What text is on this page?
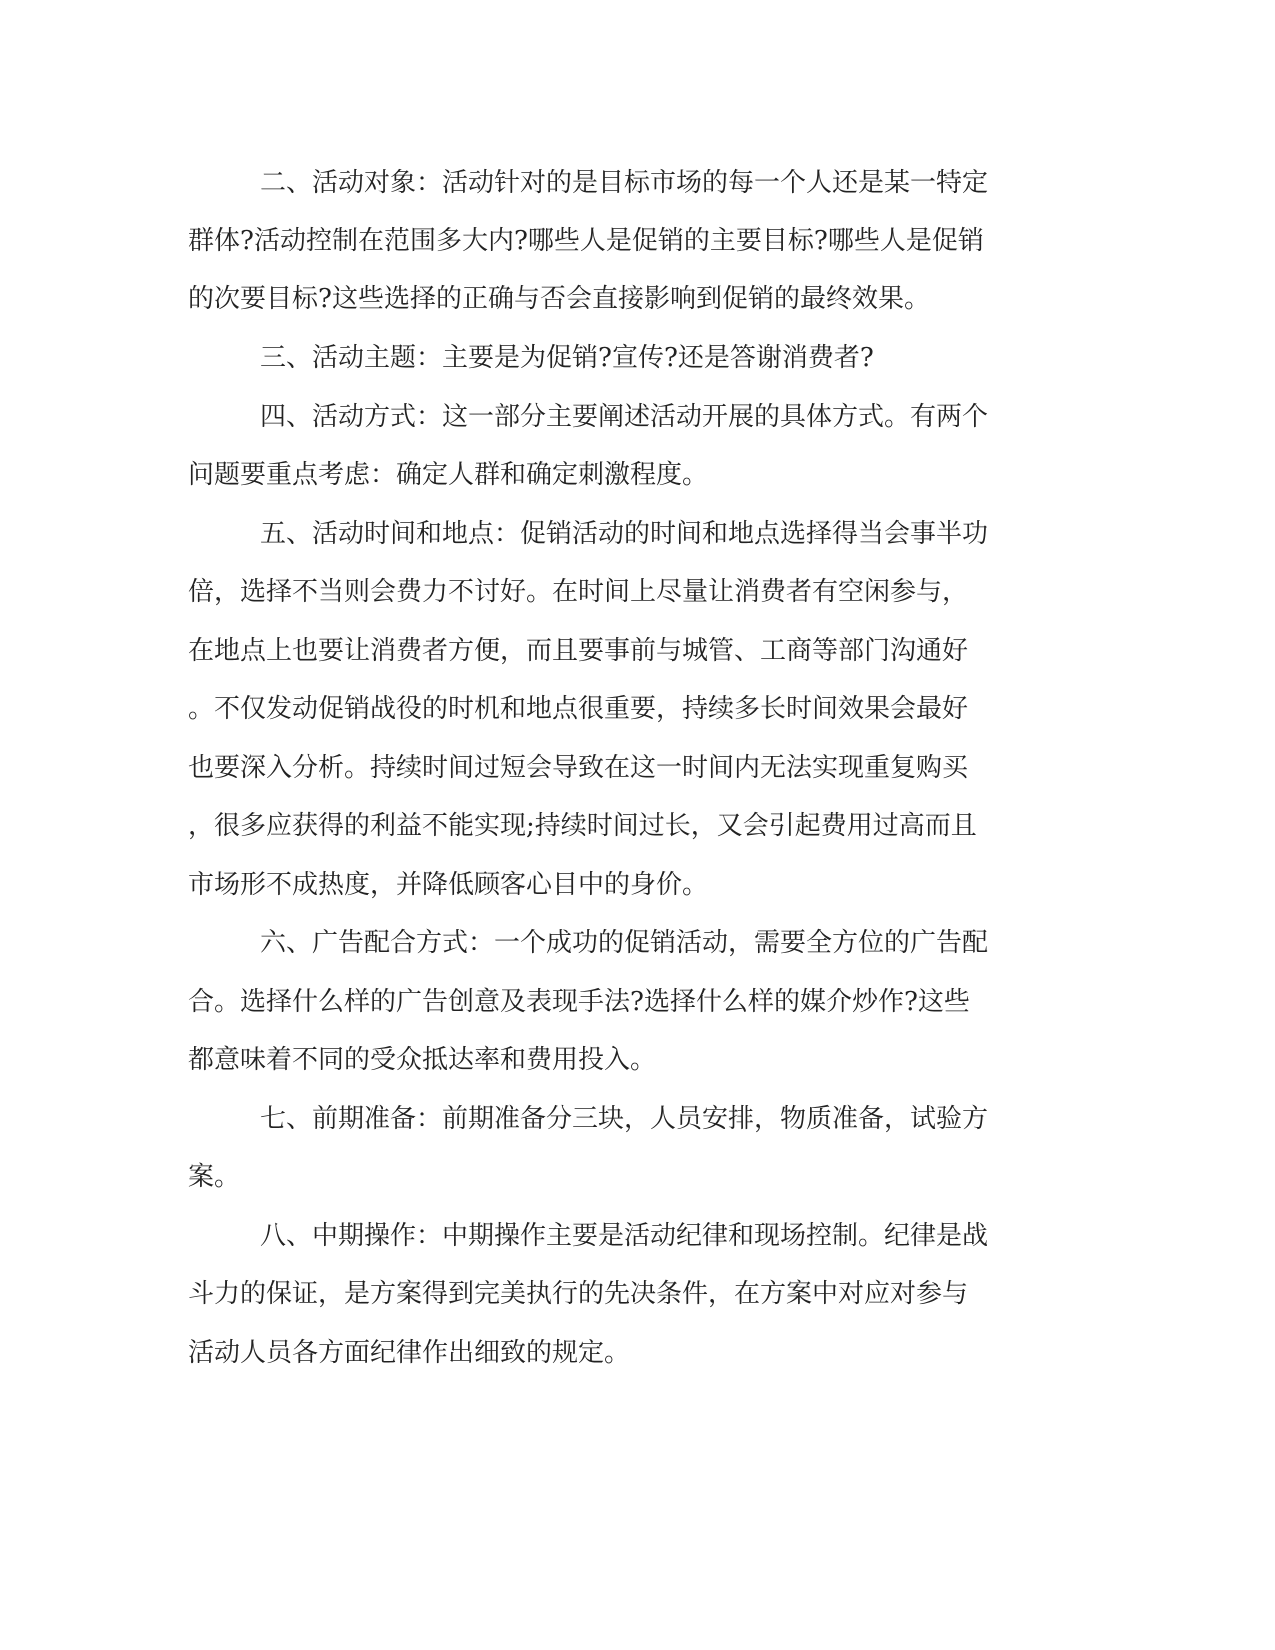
二、活动对象：活动针对的是目标市场的每一个人还是某一特定

群体?活动控制在范围多大内?哪些人是促销的主要目标?哪些人是促销

的次要目标?这些选择的正确与否会直接影响到促销的最终效果。

三、活动主题：主要是为促销?宣传?还是答谢消费者?

四、活动方式：这一部分主要阐述活动开展的具体方式。有两个

问题要重点考虑：确定人群和确定刺激程度。

五、活动时间和地点：促销活动的时间和地点选择得当会事半功

倍，选择不当则会费力不讨好。在时间上尽量让消费者有空闲参与，

在地点上也要让消费者方便，而且要事前与城管、工商等部门沟通好

。不仅发动促销战役的时机和地点很重要，持续多长时间效果会最好

也要深入分析。持续时间过短会导致在这一时间内无法实现重复购买

，很多应获得的利益不能实现;持续时间过长，又会引起费用过高而且

市场形不成热度，并降低顾客心目中的身价。

六、广告配合方式：一个成功的促销活动，需要全方位的广告配

合。选择什么样的广告创意及表现手法?选择什么样的媒介炒作?这些

都意味着不同的受众抵达率和费用投入。

七、前期准备：前期准备分三块，人员安排，物质准备，试验方

案。

八、中期操作：中期操作主要是活动纪律和现场控制。纪律是战

斗力的保证，是方案得到完美执行的先决条件，在方案中对应对参与

活动人员各方面纪律作出细致的规定。
